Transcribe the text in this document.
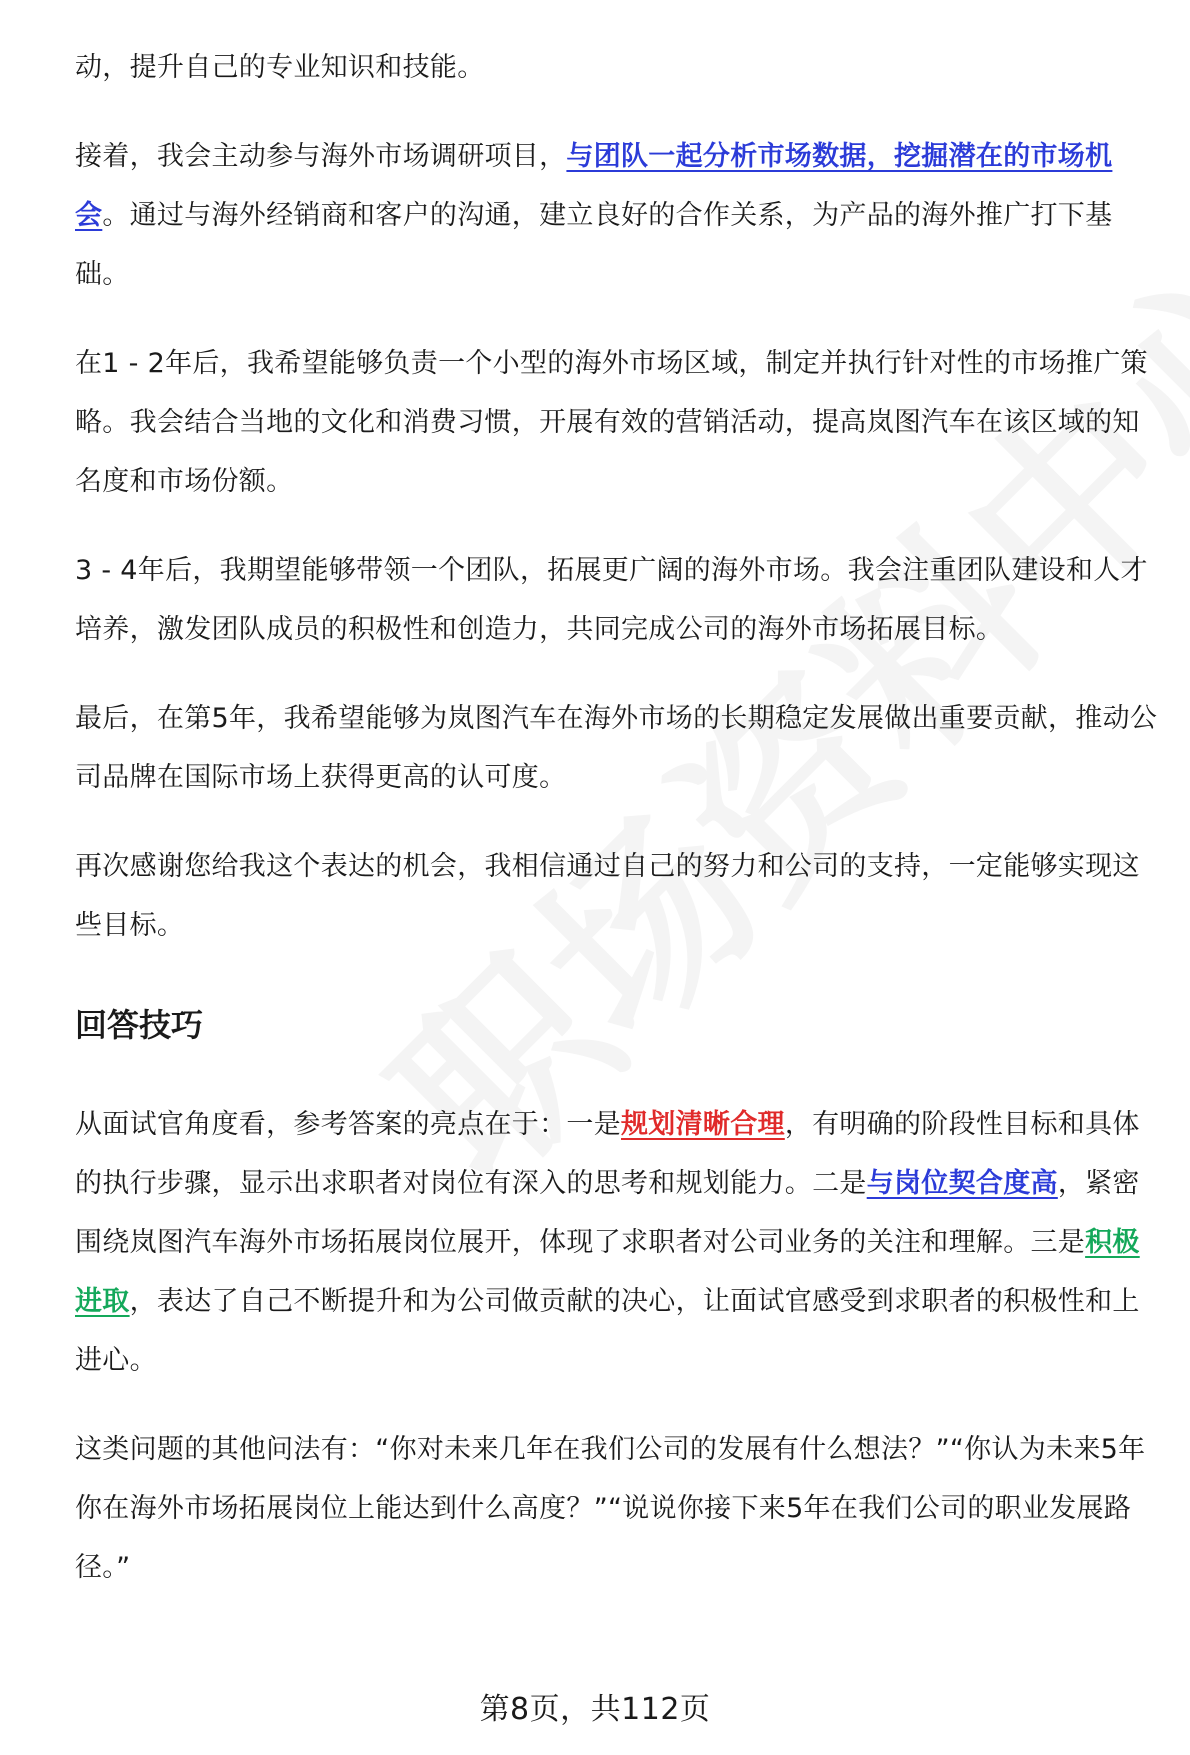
动，提升自己的专业知识和技能。

接着，我会主动参与海外市场调研项目，与团队一起分析市场数据，挖掘潜在的市场机会。通过与海外经销商和客户的沟通，建立良好的合作关系，为产品的海外推广打下基础。

在1 - 2年后，我希望能够负责一个小型的海外市场区域，制定并执行针对性的市场推广策略。我会结合当地的文化和消费习惯，开展有效的营销活动，提高岚图汽车在该区域的知名度和市场份额。

3 - 4年后，我期望能够带领一个团队，拓展更广阔的海外市场。我会注重团队建设和人才培养，激发团队成员的积极性和创造力，共同完成公司的海外市场拓展目标。

最后，在第5年，我希望能够为岚图汽车在海外市场的长期稳定发展做出重要贡献，推动公司品牌在国际市场上获得更高的认可度。

再次感谢您给我这个表达的机会，我相信通过自己的努力和公司的支持，一定能够实现这些目标。

回答技巧

从面试官角度看，参考答案的亮点在于：一是规划清晰合理，有明确的阶段性目标和具体的执行步骤，显示出求职者对岗位有深入的思考和规划能力。二是与岗位契合度高，紧密围绕岚图汽车海外市场拓展岗位展开，体现了求职者对公司业务的关注和理解。三是积极进取，表达了自己不断提升和为公司做贡献的决心，让面试官感受到求职者的积极性和上进心。

这类问题的其他问法有：“你对未来几年在我们公司的发展有什么想法？”“你认为未来5年你在海外市场拓展岗位上能达到什么高度？”“说说你接下来5年在我们公司的职业发展路径。”

第8页，共112页
